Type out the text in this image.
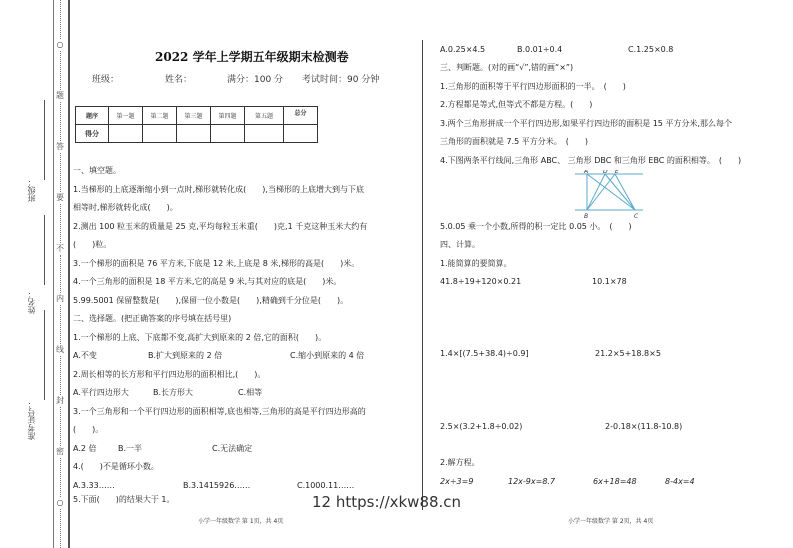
○
题
答
要
不
内
线
封
密
○
班级：
姓名：
准考证号：
2022 学年上学期五年级期末检测卷
班级：	姓名：	满分：100 分 考试时间：90 分钟
题序	第一题	第二题	第三题	第四题	第五题	总分
得分						
一、填空题。
1.当梯形的上底逐渐缩小到一点时,梯形就转化成(　　),当梯形的上底增大到与下底
相等时,梯形就转化成(　　)。
2.测出 100 粒玉米的质量是 25 克,平均每粒玉米重(　　)克,1 千克这种玉米大约有
(　　)粒。
3.一个梯形的面积是 76 平方米,下底是 12 米,上底是 8 米,梯形的高是(　　)米。
4.一个三角形的面积是 18 平方米,它的高是 9 米,与其对应的底是(　　)米。
5.99.5001 保留整数是(　　),保留一位小数是(　　),精确到千分位是(　　)。
二、选择题。(把正确答案的序号填在括号里)
1.一个梯形的上底、下底都不变,高扩大到原来的 2 倍,它的面积(　　)。
A.不变	B.扩大到原来的 2 倍	C.缩小到原来的 4 倍
2.周长相等的长方形和平行四边形的面积相比,(　　)。
A.平行四边形大	B.长方形大	C.相等
3.一个三角形和一个平行四边形的面积相等,底也相等,三角形的高是平行四边形高的
(　　)。
A.2 倍	B.一半	C.无法确定
4.(　　)不是循环小数。
A.3.33……	B.3.1415926……	C.1000.11……
5.下面(　　)的结果大于 1。
小学一年级数学 第 1页，共 4页
A.0.25×4.5	B.0.01÷0.4	C.1.25×0.8
三、判断题。(对的画“√”,错的画“×”)
1.三角形的面积等于平行四边形面积的一半。　(　　)
2.方程都是等式,但等式不都是方程。(　　)
3.两个三角形拼成一个平行四边形,如果平行四边形的面积是 15 平方分米,那么每个
三角形的面积就是 7.5 平方分米。　(　　)
4.下图两条平行线间,三角形 ABC、 三角形 DBC 和三角形 EBC 的面积相等。　(　　)
A D E
B	C
5.0.05 乘一个小数,所得的积一定比 0.05 小。　(　　)
四、计算。
1.能简算的要简算。
41.8÷19+120×0.21	10.1×78
1.4×[(7.5+38.4)÷0.9]	21.2×5+18.8×5
2.5×(3.2+1.8÷0.02)	2-0.18×(11.8-10.8)
2.解方程。
2x÷3=9	12x-9x=8.7	6x+18=48	8-4x=4
小学一年级数学 第 2页，共 4页
12 https://xkw88.cn
